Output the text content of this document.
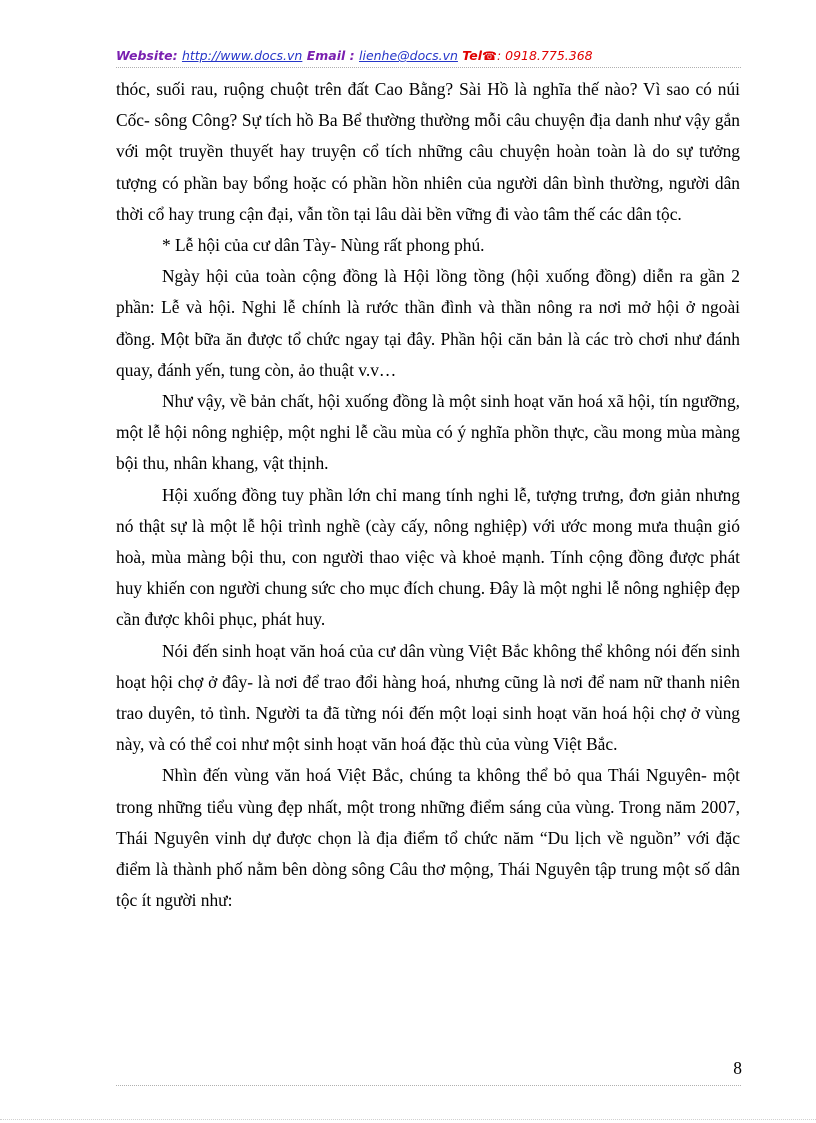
Website: http://www.docs.vn Email : lienhe@docs.vn Tel☎: 0918.775.368

thóc, suối rau, ruộng chuột trên đất Cao Bằng? Sài Hồ là nghĩa thế nào? Vì sao có núi Cốc- sông Công? Sự tích hồ Ba Bể thường thường mỗi câu chuyện địa danh như vậy gắn với một truyền thuyết hay truyện cổ tích những câu chuyện hoàn toàn là do sự tưởng tượng có phần bay bổng hoặc có phần hồn nhiên của người dân bình thường, người dân thời cổ hay trung cận đại, vẫn tồn tại lâu dài bền vững đi vào tâm thế các dân tộc.

* Lễ hội của cư dân Tày- Nùng rất phong phú.

Ngày hội của toàn cộng đồng là Hội lồng tồng (hội xuống đồng) diễn ra gần 2 phần: Lễ và hội. Nghi lễ chính là rước thần đình và thần nông ra nơi mở hội ở ngoài đồng. Một bữa ăn được tổ chức ngay tại đây. Phần hội căn bản là các trò chơi như đánh quay, đánh yến, tung còn, ảo thuật v.v…

Như vậy, về bản chất, hội xuống đồng là một sinh hoạt văn hoá xã hội, tín ngưỡng, một lễ hội nông nghiệp, một nghi lễ cầu mùa có ý nghĩa phồn thực, cầu mong mùa màng bội thu, nhân khang, vật thịnh.

Hội xuống đồng tuy phần lớn chỉ mang tính nghi lễ, tượng trưng, đơn giản nhưng nó thật sự là một lễ hội trình nghề (cày cấy, nông nghiệp) với ước mong mưa thuận gió hoà, mùa màng bội thu, con người thao việc và khoẻ mạnh. Tính cộng đồng được phát huy khiến con người chung sức cho mục đích chung. Đây là một nghi lễ nông nghiệp đẹp cần được khôi phục, phát huy.

Nói đến sinh hoạt văn hoá của cư dân vùng Việt Bắc không thể không nói đến sinh hoạt hội chợ ở đây- là nơi để trao đổi hàng hoá, nhưng cũng là nơi để nam nữ thanh niên trao duyên, tỏ tình. Người ta đã từng nói đến một loại sinh hoạt văn hoá hội chợ ở vùng này, và có thể coi như một sinh hoạt văn hoá đặc thù của vùng Việt Bắc.

Nhìn đến vùng văn hoá Việt Bắc, chúng ta không thể bỏ qua Thái Nguyên- một trong những tiểu vùng đẹp nhất, một trong những điểm sáng của vùng. Trong năm 2007, Thái Nguyên vinh dự được chọn là địa điểm tổ chức năm “Du lịch về nguồn” với đặc điểm là thành phố nằm bên dòng sông Câu thơ mộng, Thái Nguyên tập trung một số dân tộc ít người như:

8
